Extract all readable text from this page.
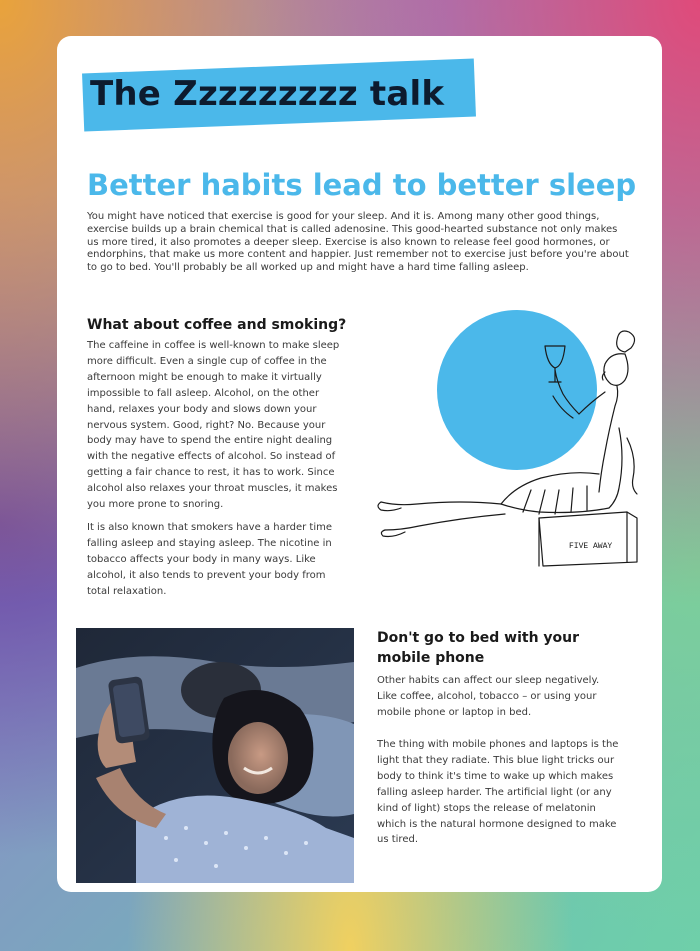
The Zzzzzzzzz talk
Better habits lead to better sleep

You might have noticed that exercise is good for your sleep. And it is. Among many other good things, exercise builds up a brain chemical that is called adenosine. This good-hearted substance not only makes us more tired, it also promotes a deeper sleep. Exercise is also known to release feel good hormones, or endorphins, that make us more content and happier. Just remember not to exercise just before you're about to go to bed. You'll probably be all worked up and might have a hard time falling asleep.

What about coffee and smoking?

The caffeine in coffee is well-known to make sleep more difficult. Even a single cup of coffee in the afternoon might be enough to make it virtually impossible to fall asleep. Alcohol, on the other hand, relaxes your body and slows down your nervous system. Good, right? No. Because your body may have to spend the entire night dealing with the negative effects of alcohol. So instead of getting a fair chance to rest, it has to work. Since alcohol also relaxes your throat muscles, it makes you more prone to snoring.

It is also known that smokers have a harder time falling asleep and staying asleep. The nicotine in tobacco affects your body in many ways. Like alcohol, it also tends to prevent your body from total relaxation.

FIVE AWAY
Don't go to bed with your
mobile phone

Other habits can affect our sleep negatively. Like coffee, alcohol, tobacco – or using your mobile phone or laptop in bed.

The thing with mobile phones and laptops is the light that they radiate. This blue light tricks our body to think it's time to wake up which makes falling asleep harder. The artificial light (or any kind of light) stops the release of melatonin which is the natural hormone designed to make us tired.
